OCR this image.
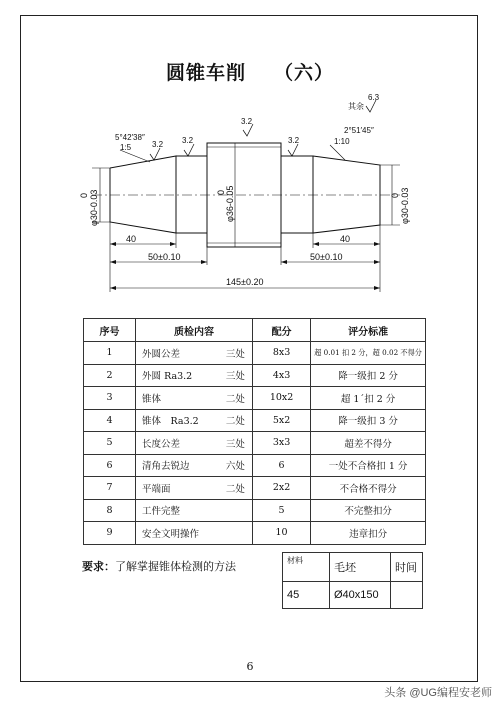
圆锥车削 （六）
5°42′38″
1:5	3.2 3.2
3.2
3.2
其余
6.3
2°51′45″
1:10
φ30-0.03
0	φ36-0.05
0	φ30-0.03
0
40	40
50±0.10	50±0.10
145±0.20
序号	质检内容	配分	评分标准
1	外圆公差 三处	8x3	超 0.01 扣 2 分，超 0.02 不得分
2	外圆 Ra3.2 三处	4x3	降一级扣 2 分
3	锥体 二处	10x2	超 1´扣 2 分
4	锥体　Ra3.2 二处	5x2	降一级扣 3 分
5	长度公差 三处	3x3	超差不得分
6	清角去锐边 六处	6	一处不合格扣 1 分
7	平端面 二处	2x2	不合格不得分
8	工件完整	5	不完整扣分
9	安全文明操作	10	违章扣分
要求：了解掌握锥体检测的方法	材料	毛坯	时间
45	Ø40x150	
6
头条 @UG编程安老师
